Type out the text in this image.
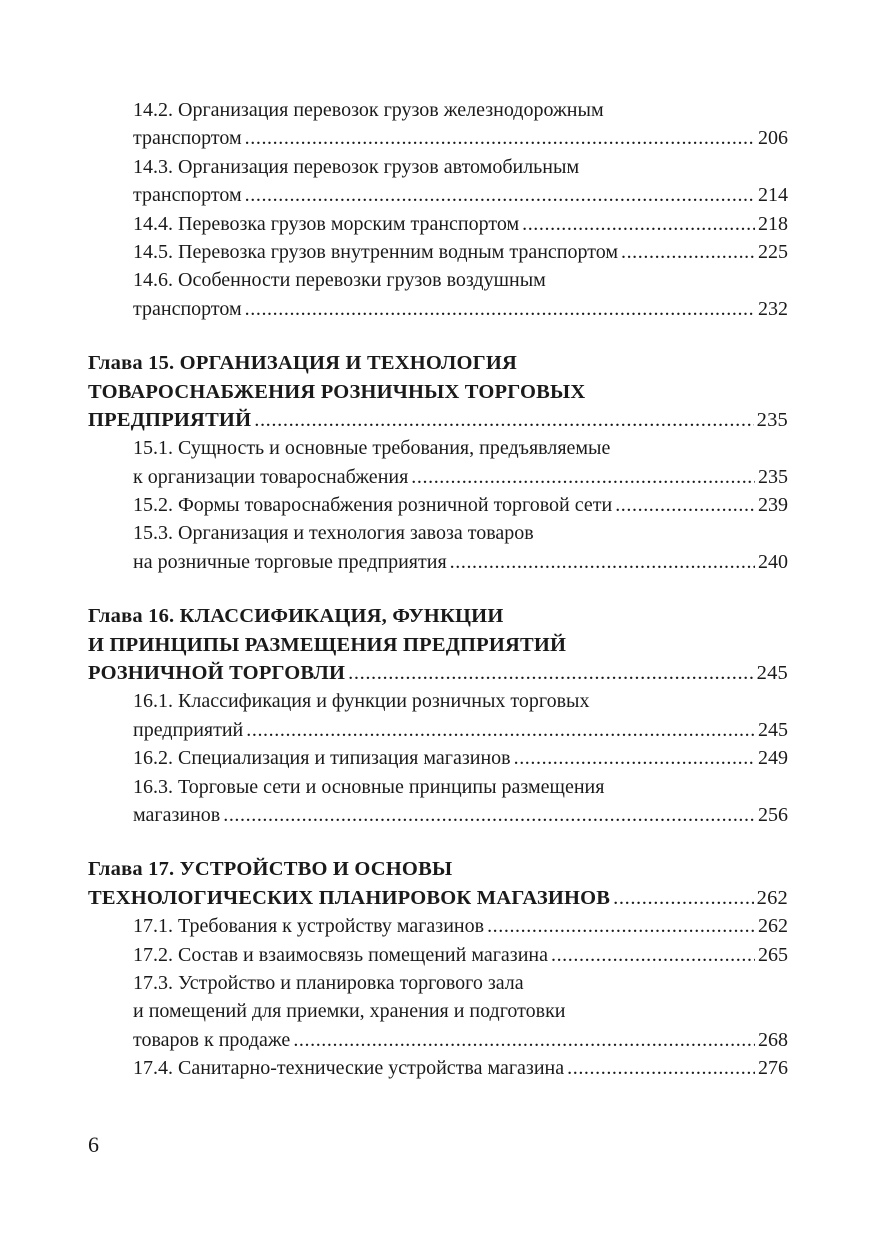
14.2. Организация перевозок грузов железнодорожным
транспортом .....	206
14.3. Организация перевозок грузов автомобильным
транспортом .....	214
14.4. Перевозка грузов морским транспортом .....	218
14.5. Перевозка грузов внутренним водным транспортом .....	225
14.6. Особенности перевозки грузов воздушным
транспортом .....	232
Глава 15. ОРГАНИЗАЦИЯ И ТЕХНОЛОГИЯ
ТОВАРОСНАБЖЕНИЯ РОЗНИЧНЫХ ТОРГОВЫХ
ПРЕДПРИЯТИЙ .....	235
15.1. Сущность и основные требования, предъявляемые
к организации товароснабжения .....	235
15.2. Формы товароснабжения розничной торговой сети .....	239
15.3. Организация и технология завоза товаров
на розничные торговые предприятия .....	240
Глава 16. КЛАССИФИКАЦИЯ, ФУНКЦИИ
И ПРИНЦИПЫ РАЗМЕЩЕНИЯ ПРЕДПРИЯТИЙ
РОЗНИЧНОЙ ТОРГОВЛИ .....	245
16.1. Классификация и функции розничных торговых
предприятий .....	245
16.2. Специализация и типизация магазинов .....	249
16.3. Торговые сети и основные принципы размещения
магазинов .....	256
Глава 17. УСТРОЙСТВО И ОСНОВЫ
ТЕХНОЛОГИЧЕСКИХ ПЛАНИРОВОК МАГАЗИНОВ .....	262
17.1. Требования к устройству магазинов .....	262
17.2. Состав и взаимосвязь помещений магазина .....	265
17.3. Устройство и планировка торгового зала
и помещений для приемки, хранения и подготовки
товаров к продаже .....	268
17.4. Санитарно-технические устройства магазина .....	276
6
